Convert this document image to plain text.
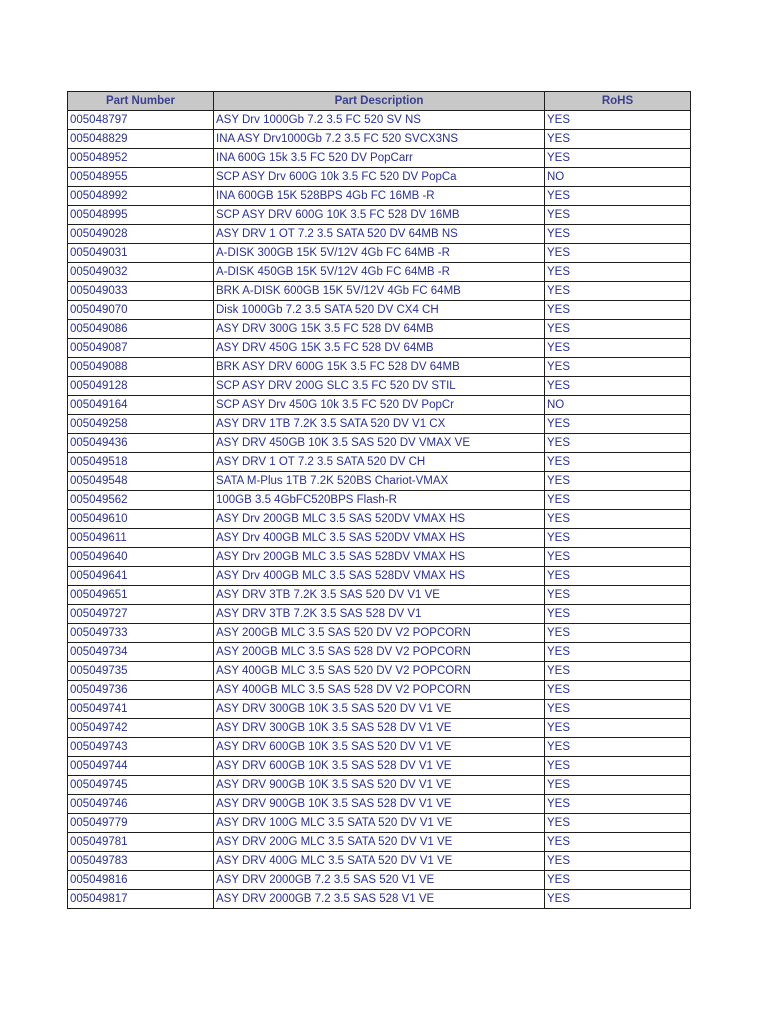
Part Number	Part Description	RoHS
005048797	ASY Drv 1000Gb 7.2 3.5 FC 520 SV NS	YES
005048829	INA ASY Drv1000Gb 7.2 3.5 FC 520 SVCX3NS	YES
005048952	INA 600G 15k 3.5 FC 520 DV PopCarr	YES
005048955	SCP ASY Drv 600G 10k 3.5 FC 520 DV PopCa	NO
005048992	INA 600GB 15K 528BPS 4Gb FC 16MB -R	YES
005048995	SCP ASY DRV 600G 10K 3.5 FC 528 DV 16MB	YES
005049028	ASY DRV 1 OT 7.2 3.5 SATA 520 DV 64MB NS	YES
005049031	A-DISK 300GB 15K 5V/12V 4Gb FC 64MB -R	YES
005049032	A-DISK 450GB 15K 5V/12V 4Gb FC 64MB -R	YES
005049033	BRK A-DISK 600GB 15K 5V/12V 4Gb FC 64MB	YES
005049070	Disk 1000Gb 7.2 3.5 SATA 520 DV CX4 CH	YES
005049086	ASY DRV 300G 15K 3.5 FC 528 DV 64MB	YES
005049087	ASY DRV 450G 15K 3.5 FC 528 DV 64MB	YES
005049088	BRK ASY DRV 600G 15K 3.5 FC 528 DV 64MB	YES
005049128	SCP ASY DRV 200G SLC 3.5 FC 520 DV STIL	YES
005049164	SCP ASY Drv 450G 10k 3.5 FC 520 DV PopCr	NO
005049258	ASY DRV 1TB 7.2K 3.5 SATA 520 DV V1 CX	YES
005049436	ASY DRV 450GB 10K 3.5 SAS 520 DV VMAX VE	YES
005049518	ASY DRV 1 OT 7.2 3.5 SATA 520 DV CH	YES
005049548	SATA M-Plus 1TB 7.2K 520BS Chariot-VMAX	YES
005049562	100GB 3.5 4GbFC520BPS Flash-R	YES
005049610	ASY Drv 200GB MLC 3.5 SAS 520DV VMAX HS	YES
005049611	ASY Drv 400GB MLC 3.5 SAS 520DV VMAX HS	YES
005049640	ASY Drv 200GB MLC 3.5 SAS 528DV VMAX HS	YES
005049641	ASY Drv 400GB MLC 3.5 SAS 528DV VMAX HS	YES
005049651	ASY DRV 3TB 7.2K 3.5 SAS 520 DV V1 VE	YES
005049727	ASY DRV 3TB 7.2K 3.5 SAS 528 DV V1	YES
005049733	ASY 200GB MLC 3.5 SAS 520 DV V2 POPCORN	YES
005049734	ASY 200GB MLC 3.5 SAS 528 DV V2 POPCORN	YES
005049735	ASY 400GB MLC 3.5 SAS 520 DV V2 POPCORN	YES
005049736	ASY 400GB MLC 3.5 SAS 528 DV V2 POPCORN	YES
005049741	ASY DRV 300GB 10K 3.5 SAS 520 DV V1 VE	YES
005049742	ASY DRV 300GB 10K 3.5 SAS 528 DV V1 VE	YES
005049743	ASY DRV 600GB 10K 3.5 SAS 520 DV V1 VE	YES
005049744	ASY DRV 600GB 10K 3.5 SAS 528 DV V1 VE	YES
005049745	ASY DRV 900GB 10K 3.5 SAS 520 DV V1 VE	YES
005049746	ASY DRV 900GB 10K 3.5 SAS 528 DV V1 VE	YES
005049779	ASY DRV 100G MLC 3.5 SATA 520 DV V1 VE	YES
005049781	ASY DRV 200G MLC 3.5 SATA 520 DV V1 VE	YES
005049783	ASY DRV 400G MLC 3.5 SATA 520 DV V1 VE	YES
005049816	ASY DRV 2000GB 7.2 3.5 SAS 520 V1 VE	YES
005049817	ASY DRV 2000GB 7.2 3.5 SAS 528 V1 VE	YES
